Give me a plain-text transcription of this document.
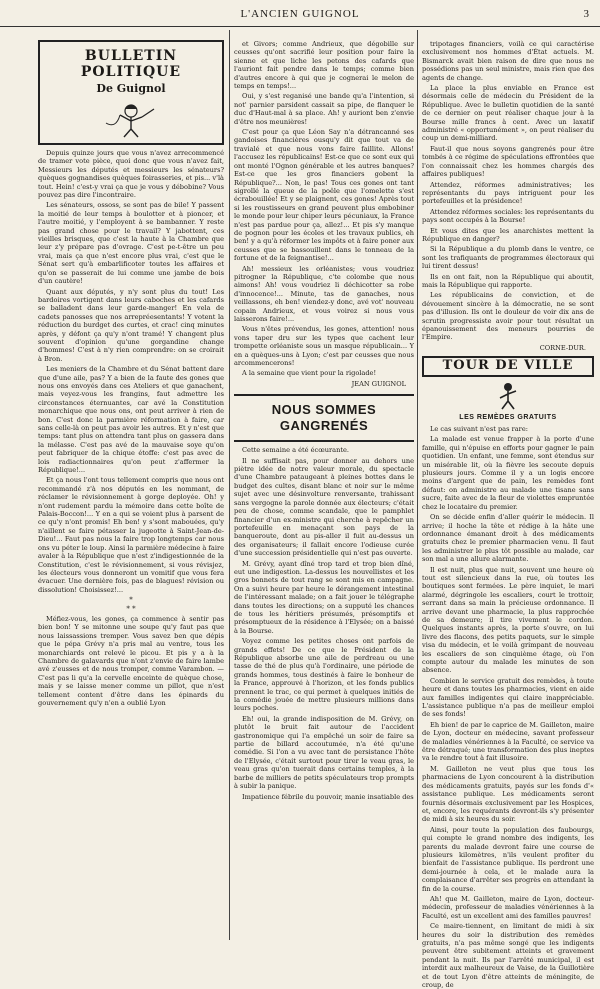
L'ANCIEN GUIGNOL	3
BULLETIN POLITIQUE
De Guignol

Depuis quinze jours que vous n'avez arrecommencé de tramer vote pièce, quoi donc que vous n'avez fait, Messieurs les députés et messieurs les sénateurs? quèques gognandises quèques foirasseries, et pis... v'là tout. Hein! c'est-y vrai ça que je vous y débobine? Vous pouvez pas dire l'incontraire.

Les sénateurs, ossoss, se sont pas de bile! Y passent la moitié de leur temps à boulotter et à pioncer, et l'autre moitié, y l'employent à se bambanner. Y reste pas grand chose pour le travail? Y jabottent, ces vieilles brisques, que c'est la haute à la Chambre que leur z'y prépare pas d'ovrage. C'est pe-t-être un peu vrai, mais ça que n'est encore plus vrai, c'est que le Sénat sert qu'à embarlificoter toutes les affaires et qu'on se passerait de lui comme une jambe de bois d'un cautère!

Quant aux députés, y n'y sont plus du tout! Les bardoires vortigent dans leurs caboches et les cafards se balladent dans leur garde-manger! En vela de cadets panosses que nos arrepréesentants! Y votent la réduction du burdget des curtes, et crac! cinq minutes après, y défont ça qu'y n'ont tramé! Y changent plus souvent d'opinion qu'une gorgandine change d'hommes! C'est à n'y rien comprendre: on se croirait à Bron.

Les meniers de la Chambre et du Sénat battent dare que d'une aile, pas? Y a bien de la faute des gones que nous ons envoyés dans ces Ateliers et que ganachent, mais veyez-vous les frangins, faut admettre les circonstances éternuantes, car avé la Constitution monarchique que nous ons, ont peut arriver à rien de bon. C'est donc la parmière réformation à faire, car sans celle-là on peut pas avoir les autres. Et y n'est que temps: tant plus on attendra tant plus on gassera dans la mélasse. C'est pas avé de la mauvaise soye qu'on peut fabriquer de la chique étoffe: c'est pas avec de lois radiactionnaires qu'on peut z'affermer la République!...

Et ça nous l'ont tous tellement compris que nous ont recommandé z'à nos députés en les nommant, de réclamer le révisionnement à gorge deployée. Oh! y n'ont rudement pardu la mémoire dans cette boîte de Palais-Boccon!... Y en a qui se voient plus à parsent de ce qu'y n'ont promis! Eh ben! y s'sont mabouées, qu'y n'aillent se faire pétasser la jugeotte à Saint-Jean-de-Dieu!... Faut pas nous la faire trop longtemps car nous ons vu péter le loup. Ainsi la parmière médecine à faire avaler à la République que n'est z'indigestionnée de la Constitution, c'est le révisionnement, si vous révisjez, les électeurs vous donneront un vomitif que vous fera évacuer. Une dernière fois, pas de blagues! révision ou dissolution! Choisissez!...

*
* *

Méfiez-vous, les gones, ça commence à sentir pas bien bon! Y se mitonne une soupe qu'y faut pas que nous laissassions tremper. Vous savez ben que dépis que le pépa Grévy n'a pris mal au ventre, tous les monarchiards ont relevé le picou. Et pis y a à la Chambre de galavards que n'ont z'envie de faire lambe avé z'eusses et de nous tromper, comme Varambon. — C'est pas li qu'a la cervelle enceinte de quèque chose, mais y se laisse mener comme un pillot, que n'est tellement content d'être dans les épinards du gouvernement qu'y n'en a oublié Lyon

et Givors; comme Andrieux, que dégobille sur ceusses qu'ont sacrifié leur position pour faire la sienne et que liche les petons des cafards que l'auriont fait pendre dans le temps; comme bien d'autres encore à qui que je cognerai le melon de temps en temps!...

Oui, y s'est reganisé une bande qu'a l'intention, si not' parnier parsident cassait sa pipe, de flanquer le duc d'Haut-mal à sa place. Ah! y auriont ben z'envie d'être nos meunières!

C'est pour ça que Léon Say n'a détrancanné ses gandoises financières ousqu'y dit que tout va de travialé et que nous vons faire faillite. Allons! l'accusez les républicains! Est-ce que ce sont eux qui ont monté l'Ognon générable et les autres banques? Est-ce que les gros financiers gobent la République?... Non, le pas! Tous ces gones ont tant sigrollé la queue de la poêle que l'omelette s'est écrabouillée! Et y se plaignent, ces gones! Après tout si les roustisseurs en grand peuvent plus embobiner le monde pour leur chiper leurs pécuniaux, la France n'est pas pardue pour ça, allez!... Et pis s'y manque de pognon pour les écoles et les travaux publics, eh ben! y a qu'à réformer les impôts et à faire poner aux ceusses que se bassouillent dans le tonneau de la fortune et de la feignantise!...

Ah! messieux les orléanistes; vous voudriez pitrogner la République, c'te colombe que nous aimons! Ah! vous voudriez li déchicotter sa robe d'innocence!... Minute, tas de ganaches, nous veillassons, eh ben! viendez-y donc, avé vot' nouveau copain Andrieux, et vous voirez si nous vous laisserons faire!...

Vous n'êtes prévendus, les gones, attention! nous vons taper dru sur les types que cachent leur trompette orléaniste sous un masque républicain... Y en a quèques-uns à Lyon; c'est par ceusses que nous arcommencerons!

A la semaine que vient pour la rigolade!

JEAN GUIGNOL
NOUS SOMMES GANGRENÉS

Cette semaine a été écœurante.

Il ne suffisait pas, pour donner au dehors une piètre idée de notre valeur morale, du spectacle d'une Chambre pataugeant à pleines bottes dans le budget des cultes, disant blanc et noir sur le même sujet avec une désinvolture renversante, trahissant sans vergogne la parole donnée aux électeurs; c'était peu de chose, comme scandale, que le pamphlet financier d'un ex-ministre qui cherche à repêcher un portefeuille en menaçant son pays de la banqueroute, dont au pis-aller il fuit au-dessus un des organisateurs; il fallait encore l'odieuse curée d'une succession présidentielle qui n'est pas ouverte.

M. Grévy, ayant dîné trop tard et trop bien dîné, eut une indigestion. La-dessus les nouvellistes et les gros bonnets de tout rang se sont mis en campagne. On a suivi heure par heure le dérangement intestinal de l'intéressant malade; on a fait jouer le télégraphe dans toutes les directions; on a supputé les chances de tous les héritiers présumés, présomptifs et présomptueux de la résidence à l'Elysée; on a baissé à la Bourse.

Voyez comme les petites choses ont parfois de grands effets! De ce que le Président de la République absorbe une aile de perdreau ou une tasse de thé de plus qu'à l'ordinaire, une période de grands hommes, tous destinés à faire le bonheur de la France, approuvé à l'horizon, et les fonds publics prennent le trac, ce qui permet à quelques initiés de la comédie jouée de mettre plusieurs millions dans leurs poches.

Eh! oui, la grande indisposition de M. Grévy, on plutôt le bruit fait autour de l'accident gastronomique qui l'a empêché un soir de faire sa partie de billard accoutumée, n'a été qu'une comédie. Si l'on a vu avec tant de persistance l'hôte de l'Elysée, c'était surtout pour tirer le veau gras, le veau gras qu'on tuerait dans certains temples, à la barbe de milliers de petits spéculateurs trop prompts à subir la panique.

Impatience fébrile du pouvoir, manie insatiable des

tripotages financiers, voilà ce qui caractérise exclusivement nos hommes d'État actuels. M. Bismarck avait bien raison de dire que nous ne possédions pas un seul ministre, mais rien que des agents de change.

La place la plus enviable en France est désormais celle de médecin du Président de la République. Avec le bulletin quotidien de la santé de ce dernier on peut réaliser chaque jour à la Bourse mille francs à cent. Avec un laxatif administré « opportunément », on peut réaliser du coup un demi-milliard.

Faut-il que nous soyons gangrenés pour être tombés à ce régime de spéculations effrontées que l'on connaissait chez les hommes chargés des affaires publiques!

Attendez, réformes administratives; les représentants du pays intriguent pour les portefeuilles et la présidence!

Attendez réformes sociales: les représentants du pays sont occupés à la Bourse!

Et vous dites que les anarchistes mettent la République en danger?

Si la République a du plomb dans le ventre, ce sont les trafiquants de programmes électoraux qui lui tirent dessus!

Ils en ont fait, non la République qui aboutit, mais la République qui rapporte.

Les républicains de conviction, et de dévouement sincère à la démocratie, ne se sont pas d'illusion. Ils ont le douleur de voir dix ans de scrutin progressiste avoir pour tout résultat un épanouissement des meneurs pourries de l'Empire.

CORNE-DUR.
TOUR DE VILLE
LES REMÈDES GRATUITS

Le cas suivant n'est pas rare:

La malade est venue frapper à la porte d'une famille, qui n'épuise en efforts pour gagner le pain quotidien. Un enfant, une femme, sont étendus sur un misérable lit, où la fièvre les secoute depuis plusieurs jours. Comme il y a un logis encore moins d'argent que de pain, les remèdes font défaut: on administre au malade une tisane sans sucre, faite avec de la fleur de violettes empruntée chez le locataire du premier.

On se décide enfin d'aller quérir le médecin. Il arrive; il hoche la tête et rédige à la hâte une ordonnance émanant droit à des médicaments gratuits chez le premier pharmacien venu. Il faut les administrer le plus tôt possible au malade, car son mal a une allure alarmante.

Il est nuit, plus que nuit, souvent une heure où tout est silencieux dans la rue, où toutes les boutiques sont fermées. Le père inquiet, le mari alarmé, dégringole les escaliers, court le trottoir, serrant dans sa main la précieuse ordonnance. Il arrive devant une pharmacie, la plus rapprochée de sa demeure; il tire vivement le cordon. Quelques instants après, la porte s'ouvre, on lui livre des flacons, des petits paquets, sur le simple visa du médecin, et le voilà grimpant de nouveau les escaliers de son cinquième étage, où l'on compte autour du malade les minutes de son absence.

Combien le service gratuit des remèdes, à toute heure et dans toutes les pharmacies, vient en aide aux familles indigentes qui claire inappréciable. L'assistance publique n'a pas de meilleur emploi de ses fonds!

Eh bien! de par le caprice de M. Gailleton, maire de Lyon, docteur en médecine, savant professeur de maladies vénériennes à la Faculté, ce service va être détraqué; une transformation des plus ineptes va le rendre tout à fait illusoire.

M. Gailleton ne veut plus que tous les pharmaciens de Lyon concourent à la distribution des médicaments gratuits, payés sur les fonds d'« assistance publique. Les médicaments seront fournis désormais exclusivement par les Hospices, et, encore, les requérants devront-ils s'y présenter de midi à six heures du soir.

Ainsi, pour toute la population des faubourgs, qui compte le grand nombre des indigents, les parents du malade devront faire une course de plusieurs kilomètres, n'ils veulent profiter du bienfait de l'assistance publique. Ils perdront une demi-journée à cela, et le malade aura la complaisance d'arrêter ses progrès en attendant la fin de la course.

Ah! que M. Gailleton, maire de Lyon, docteur-médecin, professeur de maladies vénériennes à la Faculté, est un excellent ami des familles pauvres!

Ce maire-tiennent, en limitant de midi à six heures du soir la distribution des remèdes gratuits, n'a pas même songé que les indigents peuvent être subitement atteints et gravement pendant la nuit. Ils par l'arrêté municipal, il est interdit aux malheureux de Vaise, de la Guillotière et de tout Lyon d'être atteints de méningite, de croup, de
